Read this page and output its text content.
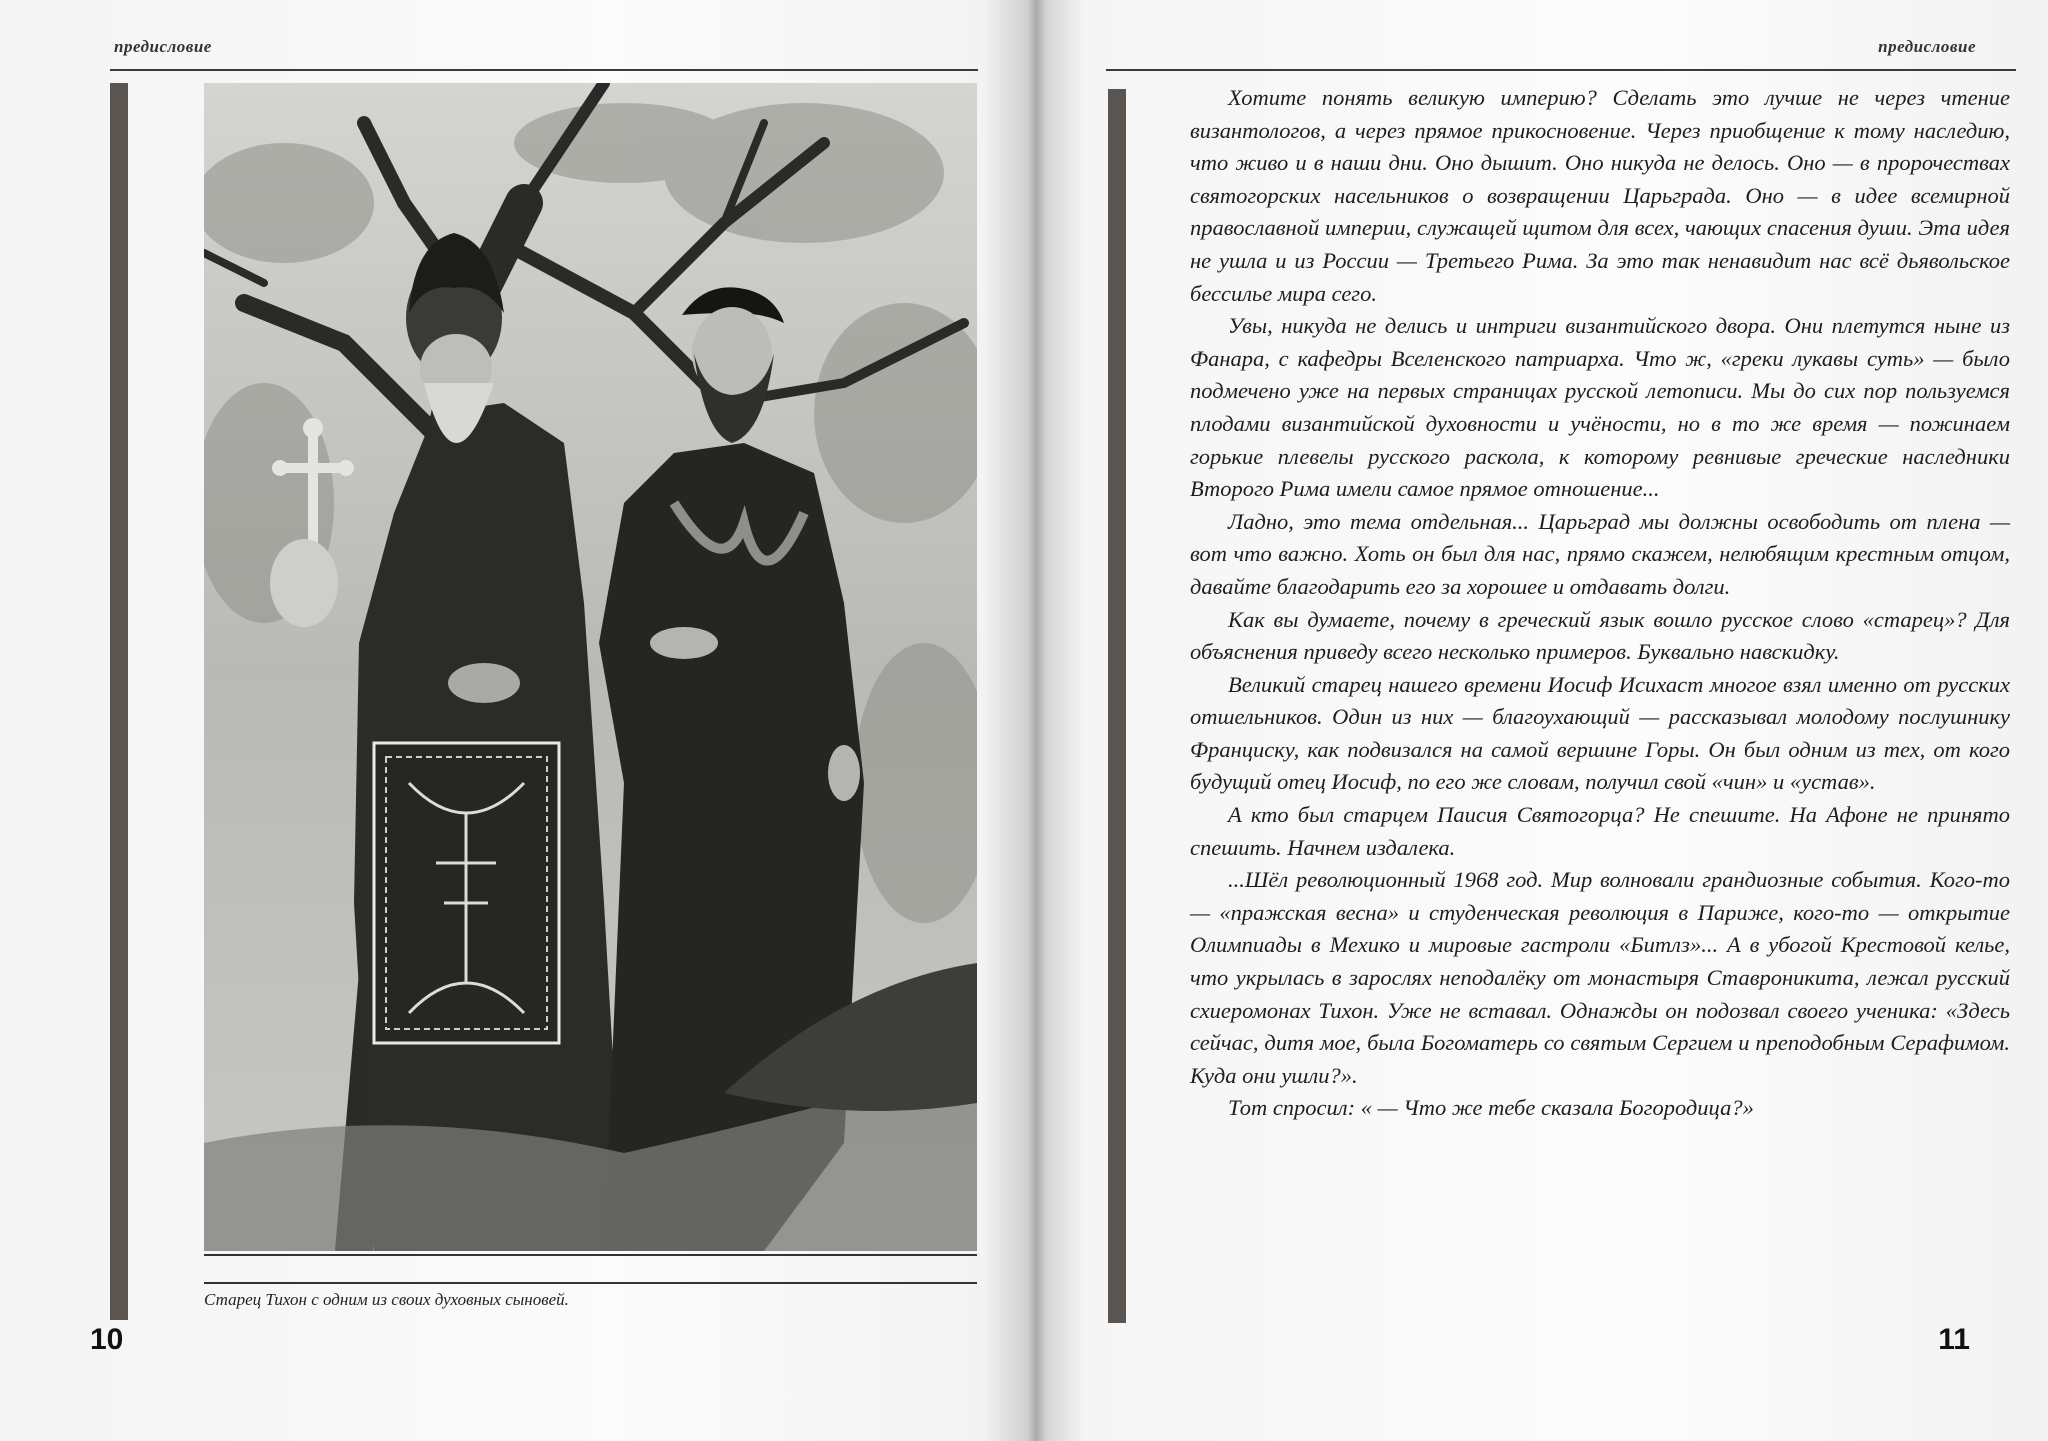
предисловие
Старец Тихон с одним из своих духовных сыновей.
10
предисловие

Хотите понять великую империю? Сделать это лучше не через чтение византологов, а через прямое прикосновение. Через приобщение к тому наследию, что живо и в наши дни. Оно дышит. Оно никуда не делось. Оно — в пророчествах святогорских насельников о возвращении Царьграда. Оно — в идее всемирной православной империи, служащей щитом для всех, чающих спасения души. Эта идея не ушла и из России — Третьего Рима. За это так ненавидит нас всё дьявольское бессилье мира сего.

Увы, никуда не делись и интриги византийского двора. Они плетутся ныне из Фанара, с кафедры Вселенского патриарха. Что ж, «греки лукавы суть» — было подмечено уже на первых страницах русской летописи. Мы до сих пор пользуемся плодами византийской духовности и учёности, но в то же время — пожинаем горькие плевелы русского раскола, к которому ревнивые греческие наследники Второго Рима имели самое прямое отношение...

Ладно, это тема отдельная... Царьград мы должны освободить от плена — вот что важно. Хоть он был для нас, прямо скажем, нелюбящим крестным отцом, давайте благодарить его за хорошее и отдавать долги.

Как вы думаете, почему в греческий язык вошло русское слово «старец»? Для объяснения приведу всего несколько примеров. Буквально навскидку.

Великий старец нашего времени Иосиф Исихаст многое взял именно от русских отшельников. Один из них — благоухающий — рассказывал молодому послушнику Франциску, как подвизался на самой вершине Горы. Он был одним из тех, от кого будущий отец Иосиф, по его же словам, получил свой «чин» и «устав».

А кто был старцем Паисия Святогорца? Не спешите. На Афоне не принято спешить. Начнем издалека.

...Шёл революционный 1968 год. Мир волновали грандиозные события. Кого-то — «пражская весна» и студенческая революция в Париже, кого-то — открытие Олимпиады в Мехико и мировые гастроли «Битлз»... А в убогой Крестовой келье, что укрылась в зарослях неподалёку от монастыря Ставроникита, лежал русский схиеромонах Тихон. Уже не вставал. Однажды он подозвал своего ученика: «Здесь сейчас, дитя мое, была Богоматерь со святым Сергием и преподобным Серафимом. Куда они ушли?».

Тот спросил: « — Что же тебе сказала Богородица?»

11
